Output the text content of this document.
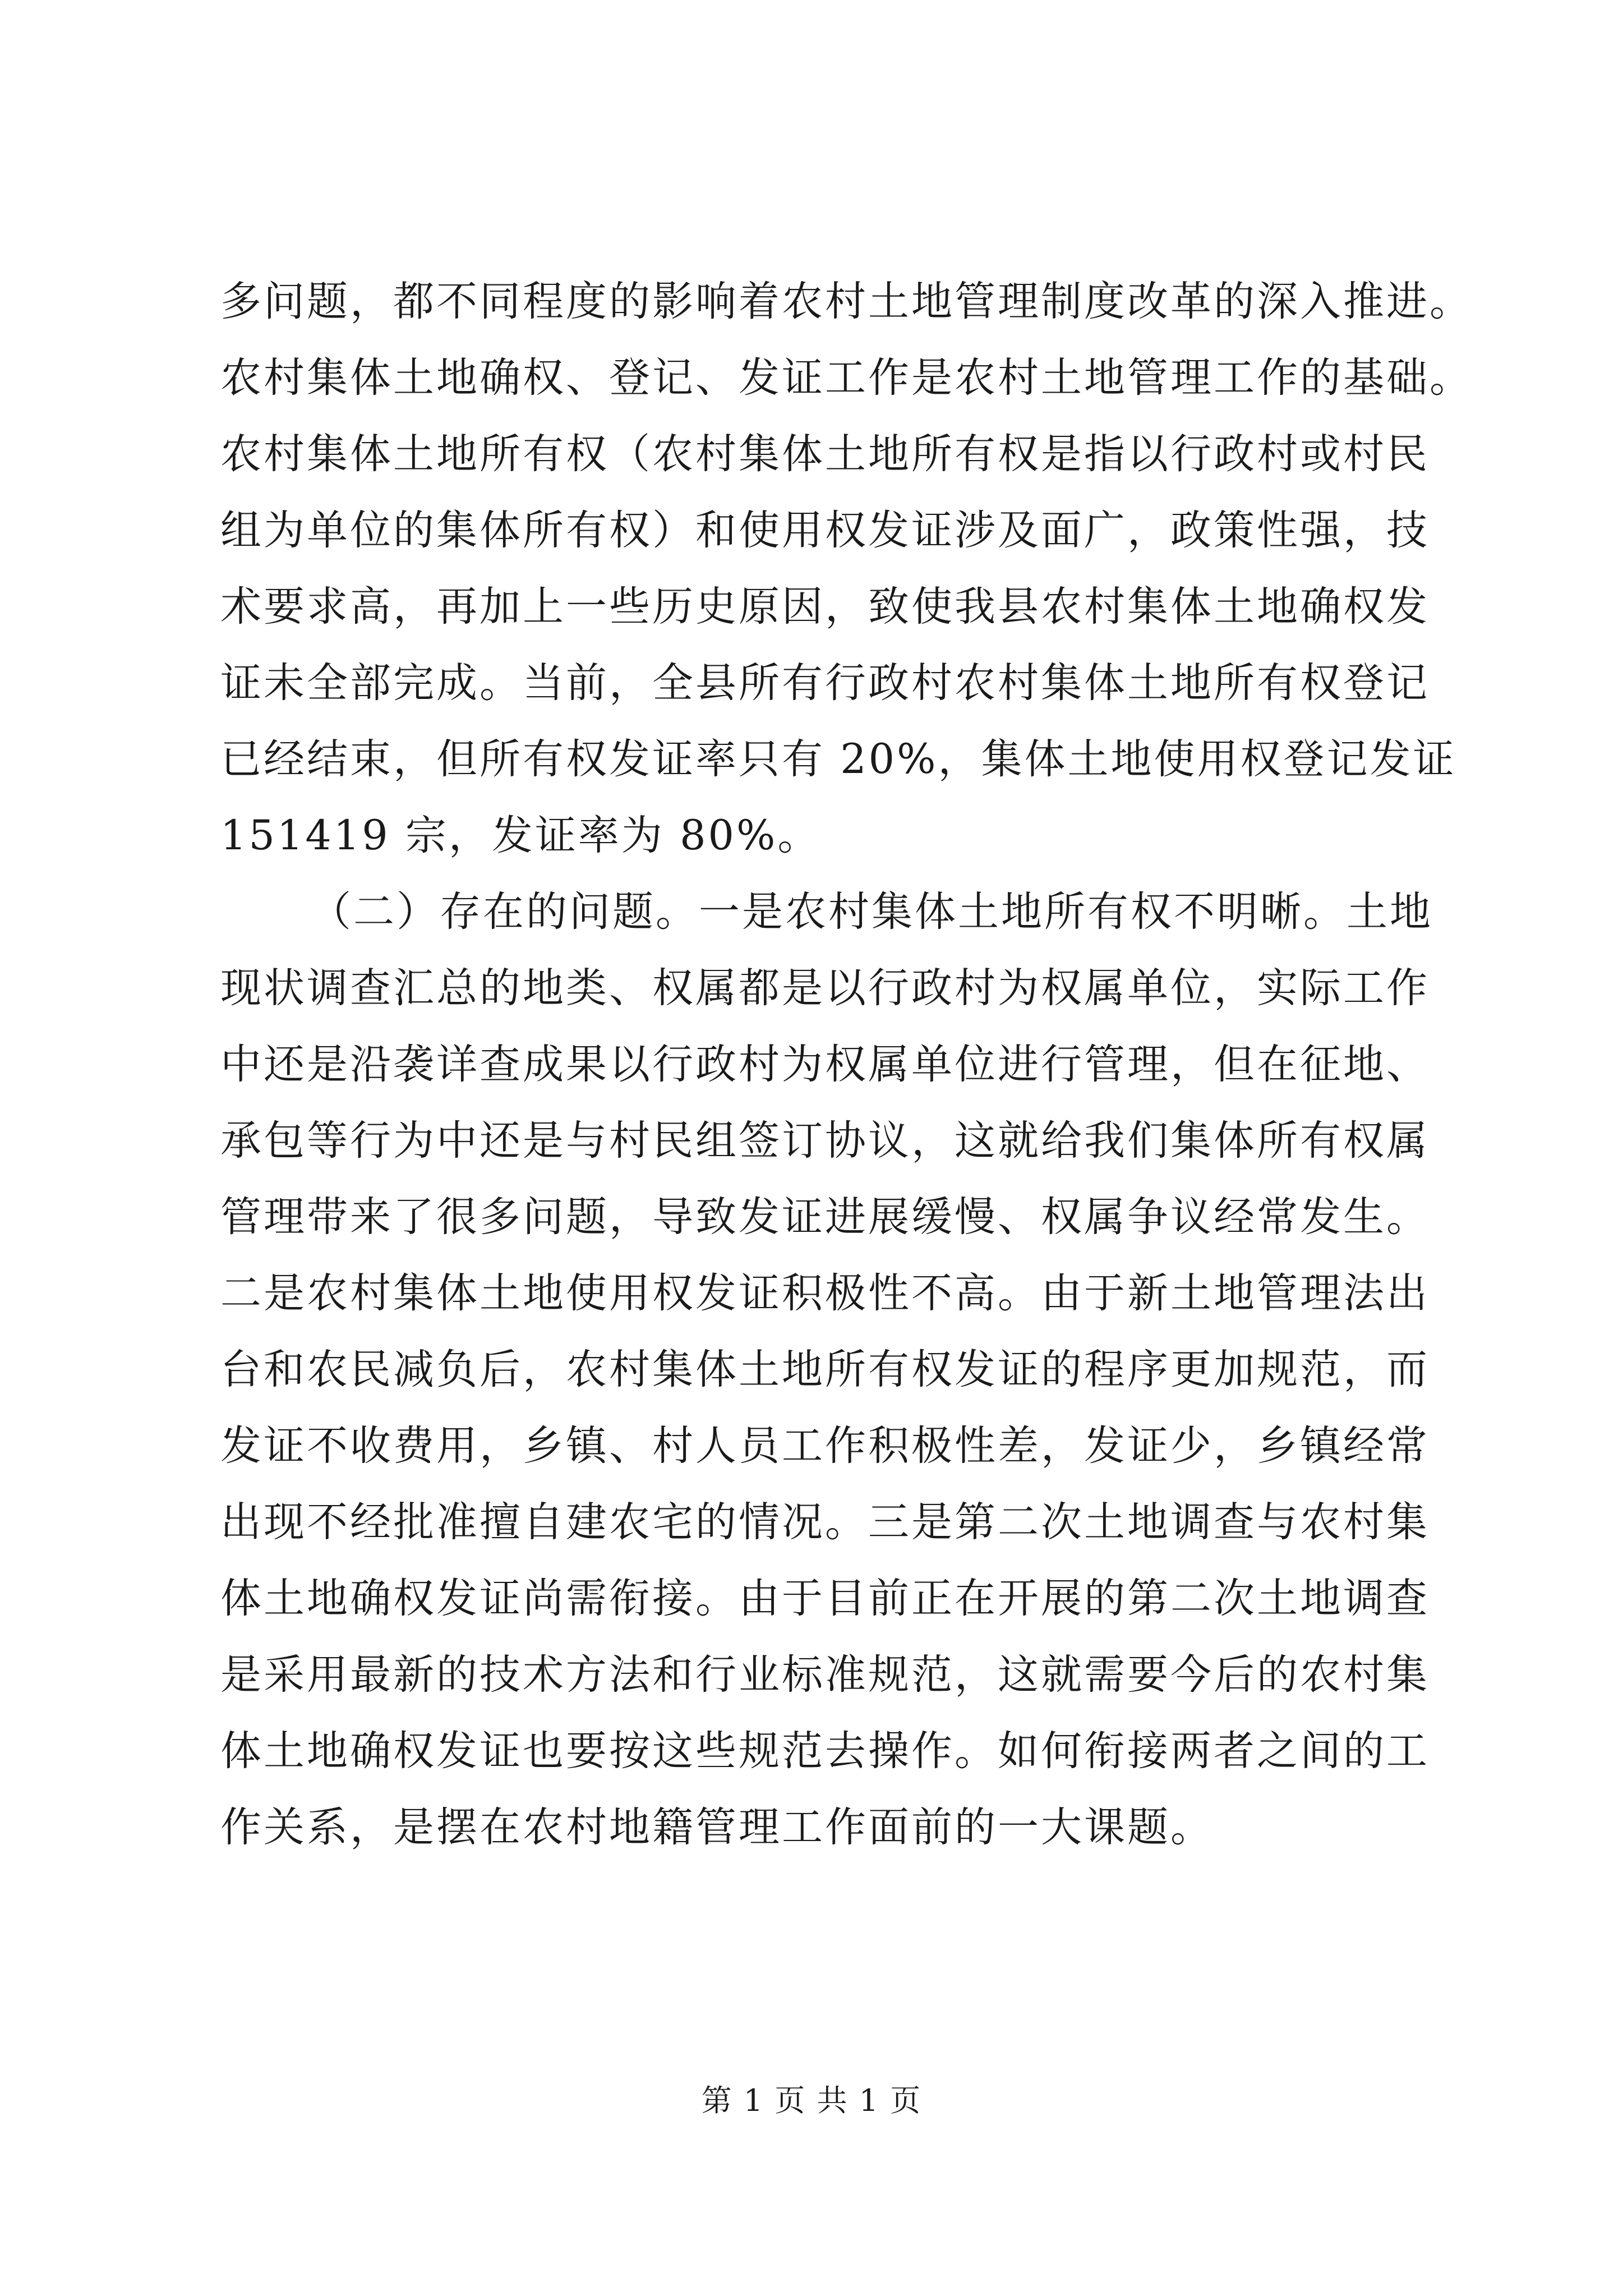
多问题，都不同程度的影响着农村土地管理制度改革的深入推进。
农村集体土地确权、登记、发证工作是农村土地管理工作的基础。
农村集体土地所有权（农村集体土地所有权是指以行政村或村民
组为单位的集体所有权）和使用权发证涉及面广，政策性强，技
术要求高，再加上一些历史原因，致使我县农村集体土地确权发
证未全部完成。当前，全县所有行政村农村集体土地所有权登记
已经结束，但所有权发证率只有 20%，集体土地使用权登记发证
151419 宗，发证率为 80%。
（二）存在的问题。一是农村集体土地所有权不明晰。土地
现状调查汇总的地类、权属都是以行政村为权属单位，实际工作
中还是沿袭详查成果以行政村为权属单位进行管理，但在征地、
承包等行为中还是与村民组签订协议，这就给我们集体所有权属
管理带来了很多问题，导致发证进展缓慢、权属争议经常发生。
二是农村集体土地使用权发证积极性不高。由于新土地管理法出
台和农民减负后，农村集体土地所有权发证的程序更加规范，而
发证不收费用，乡镇、村人员工作积极性差，发证少，乡镇经常
出现不经批准擅自建农宅的情况。三是第二次土地调查与农村集
体土地确权发证尚需衔接。由于目前正在开展的第二次土地调查
是采用最新的技术方法和行业标准规范，这就需要今后的农村集
体土地确权发证也要按这些规范去操作。如何衔接两者之间的工
作关系，是摆在农村地籍管理工作面前的一大课题。
第 1 页 共 1 页
